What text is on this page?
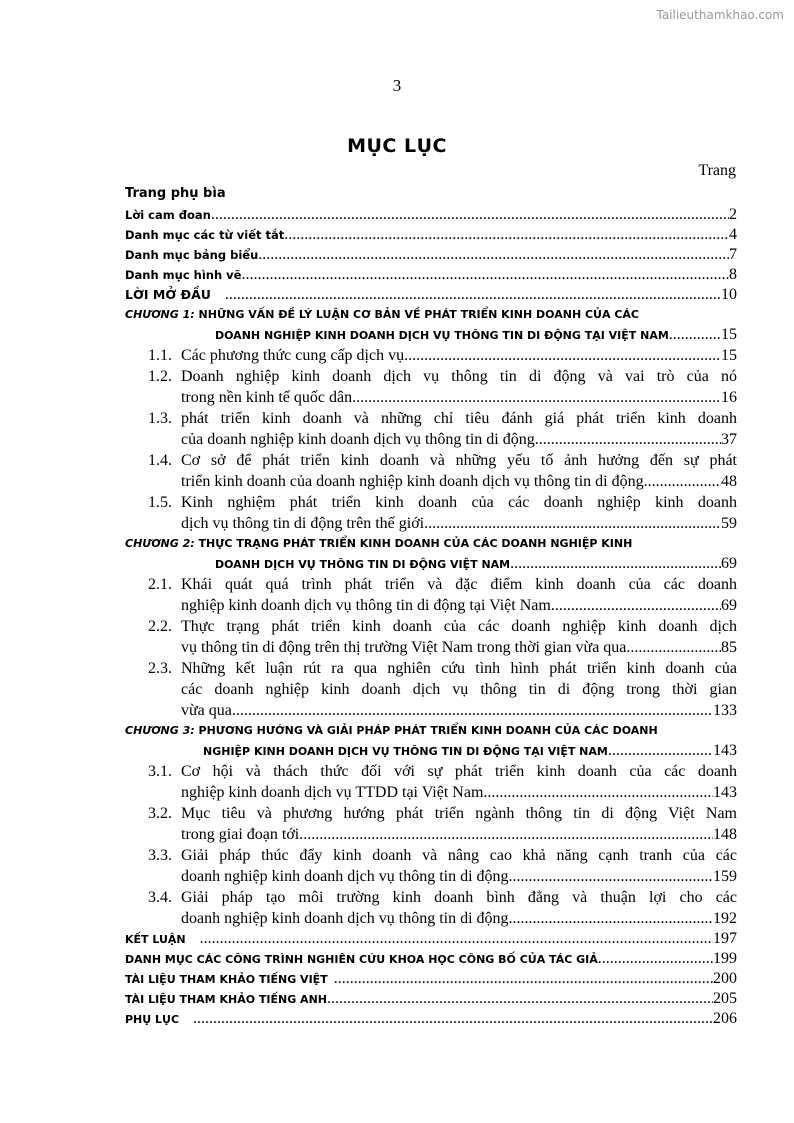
Tailieuthamkhao.com
3
MỤC LỤC
Trang
Trang phụ bìa
Lời cam đoan .....	2
Danh mục các từ viết tắt .....	4
Danh mục bảng biểu .....	7
Danh mục hình vẽ .....	8
LỜI MỞ ĐẦU .....	10
CHƯƠNG 1: NHỮNG VẤN ĐỀ LÝ LUẬN CƠ BẢN VỀ PHÁT TRIỂN KINH DOANH CỦA CÁC
DOANH NGHIỆP KINH DOANH DỊCH VỤ THÔNG TIN DI ĐỘNG TẠI VIỆT NAM .....	15
1.1. Các phương thức cung cấp dịch vụ .....	15
1.2. Doanh nghiệp kinh doanh dịch vụ thông tin di động và vai trò của nó
trong nền kinh tế quốc dân .....	16
1.3. phát triển kinh doanh và những chỉ tiêu đánh giá phát triển kinh doanh
của doanh nghiệp kinh doanh dịch vụ thông tin di động .....	37
1.4. Cơ sở để phát triển kinh doanh và những yếu tố ảnh hưởng đến sự phát
triển kinh doanh của doanh nghiệp kinh doanh dịch vụ thông tin di động .....	48
1.5. Kinh nghiệm phát triển kinh doanh của các doanh nghiệp kinh doanh
dịch vụ thông tin di động trên thế giới .....	59
CHƯƠNG 2: THỰC TRẠNG PHÁT TRIỂN KINH DOANH CỦA CÁC DOANH NGHIỆP KINH
DOANH DỊCH VỤ THÔNG TIN DI ĐỘNG VIỆT NAM .....	69
2.1. Khái quát quá trình phát triển và đặc điểm kinh doanh của các doanh
nghiệp kinh doanh dịch vụ thông tin di động tại Việt Nam .....	69
2.2. Thực trạng phát triển kinh doanh của các doanh nghiệp kinh doanh dịch
vụ thông tin di động trên thị trường Việt Nam trong thời gian vừa qua .....	85
2.3. Những kết luận rút ra qua nghiên cứu tình hình phát triển kinh doanh của
các doanh nghiệp kinh doanh dịch vụ thông tin di động trong thời gian
vừa qua .....	133
CHƯƠNG 3: PHƯƠNG HƯỚNG VÀ GIẢI PHÁP PHÁT TRIỂN KINH DOANH CỦA CÁC DOANH
NGHIỆP KINH DOANH DỊCH VỤ THÔNG TIN DI ĐỘNG TẠI VIỆT NAM .....	143
3.1. Cơ hội và thách thức đối với sự phát triển kinh doanh của các doanh
nghiệp kinh doanh dịch vụ TTDD tại Việt Nam .....	143
3.2. Mục tiêu và phương hướng phát triển ngành thông tin di động Việt Nam
trong giai đoạn tới .....	148
3.3. Giải pháp thúc đẩy kinh doanh và nâng cao khả năng cạnh tranh của các
doanh nghiệp kinh doanh dịch vụ thông tin di động .....	159
3.4. Giải pháp tạo môi trường kinh doanh bình đẳng và thuận lợi cho các
doanh nghiệp kinh doanh dịch vụ thông tin di động .....	192
KẾT LUẬN .....	197
DANH MỤC CÁC CÔNG TRÌNH NGHIÊN CỨU KHOA HỌC CÔNG BỐ CỦA TÁC GIẢ .....	199
TÀI LIỆU THAM KHẢO TIẾNG VIỆT .....	200
TÀI LIỆU THAM KHẢO TIẾNG ANH .....	205
PHỤ LỤC .....	206
